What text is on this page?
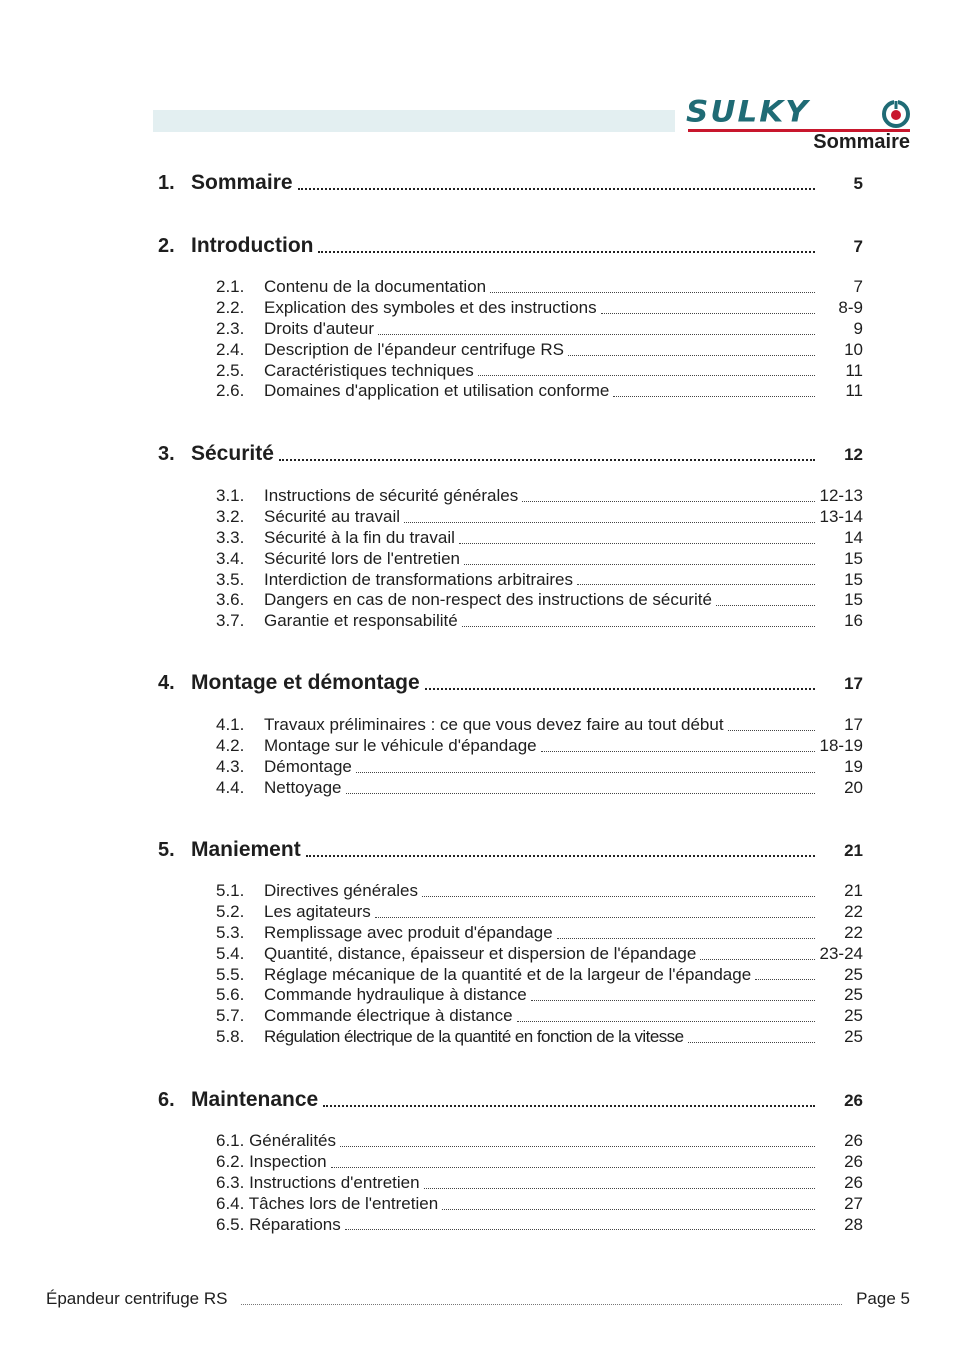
SULKY
Sommaire
1. Sommaire	5
2. Introduction	7
2.1. Contenu de la documentation	7
2.2. Explication des symboles et des instructions	8-9
2.3. Droits d'auteur	9
2.4. Description de l'épandeur centrifuge RS	10
2.5. Caractéristiques techniques	11
2.6. Domaines d'application et utilisation conforme	11
3. Sécurité	12
3.1. Instructions de sécurité générales	12-13
3.2. Sécurité au travail	13-14
3.3. Sécurité à la fin du travail	14
3.4. Sécurité lors de l'entretien	15
3.5. Interdiction de transformations arbitraires	15
3.6. Dangers en cas de non-respect des instructions de sécurité	15
3.7. Garantie et responsabilité	16
4. Montage et démontage	17
4.1. Travaux préliminaires : ce que vous devez faire au tout début	17
4.2. Montage sur le véhicule d'épandage	18-19
4.3. Démontage	19
4.4. Nettoyage	20
5. Maniement	21
5.1. Directives générales	21
5.2. Les agitateurs	22
5.3. Remplissage avec produit d'épandage	22
5.4. Quantité, distance, épaisseur et dispersion de l'épandage	23-24
5.5. Réglage mécanique de la quantité et de la largeur de l'épandage	25
5.6. Commande hydraulique à distance	25
5.7. Commande électrique à distance	25
5.8. Régulation électrique de la quantité en fonction de la vitesse	25
6. Maintenance	26
6.1. Généralités	26
6.2. Inspection	26
6.3. Instructions d'entretien	26
6.4. Tâches lors de l'entretien	27
6.5. Réparations	28
Épandeur centrifuge RS	Page
5
